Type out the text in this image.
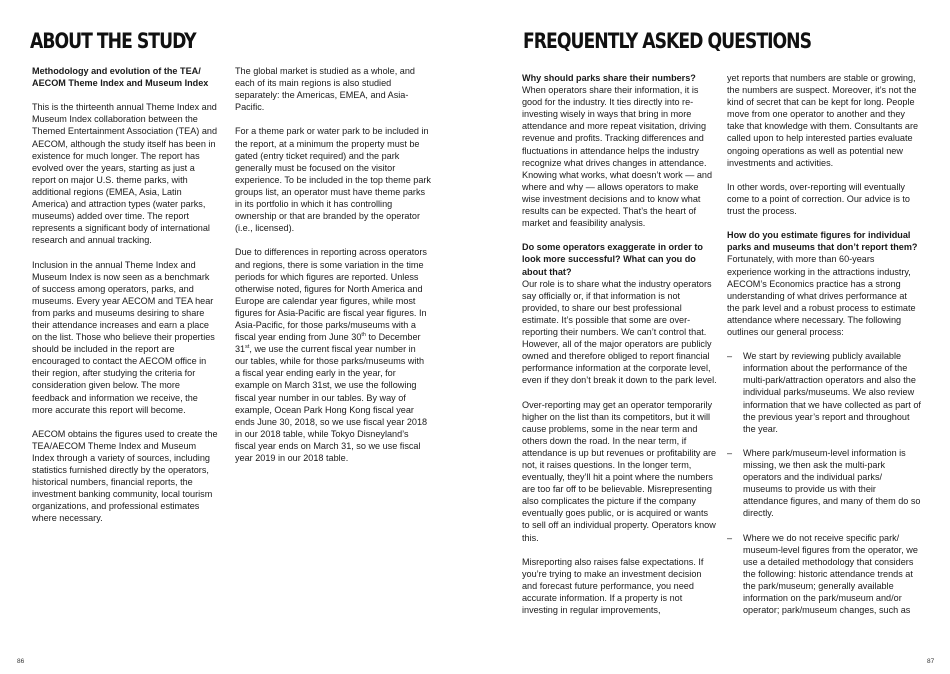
ABOUT THE STUDY

Methodology and evolution of the TEA/ AECOM Theme Index and Museum Index

This is the thirteenth annual Theme Index and Museum Index collaboration between the Themed Entertainment Association (TEA) and AECOM, although the study itself has been in existence for much longer. The report has evolved over the years, starting as just a report on major U.S. theme parks, with additional regions (EMEA, Asia, Latin America) and attraction types (water parks, museums) added over time. The report represents a significant body of international research and annual tracking.

Inclusion in the annual Theme Index and Museum Index is now seen as a benchmark of success among operators, parks, and museums. Every year AECOM and TEA hear from parks and museums desiring to share their attendance increases and earn a place on the list. Those who believe their properties should be included in the report are encouraged to contact the AECOM office in their region, after studying the criteria for consideration given below. The more feedback and information we receive, the more accurate this report will become.

AECOM obtains the figures used to create the TEA/AECOM Theme Index and Museum Index through a variety of sources, including statistics furnished directly by the operators, historical numbers, financial reports, the investment banking community, local tourism organizations, and professional estimates where necessary.

The global market is studied as a whole, and each of its main regions is also studied separately: the Americas, EMEA, and Asia-Pacific.

For a theme park or water park to be included in the report, at a minimum the property must be gated (entry ticket required) and the park generally must be focused on the visitor experience. To be included in the top theme park groups list, an operator must have theme parks in its portfolio in which it has controlling ownership or that are branded by the operator (i.e., licensed).

Due to differences in reporting across operators and regions, there is some variation in the time periods for which figures are reported. Unless otherwise noted, figures for North America and Europe are calendar year figures, while most figures for Asia-Pacific are fiscal year figures. In Asia-Pacific, for those parks/museums with a fiscal year ending from June 30th to December 31st, we use the current fiscal year number in our tables, while for those parks/museums with a fiscal year ending early in the year, for example on March 31st, we use the following fiscal year number in our tables. By way of example, Ocean Park Hong Kong fiscal year ends June 30, 2018, so we use fiscal year 2018 in our 2018 table, while Tokyo Disneyland’s fiscal year ends on March 31, so we use fiscal year 2019 in our 2018 table.

86
FREQUENTLY ASKED QUESTIONS

Why should parks share their numbers?
When operators share their information, it is good for the industry. It ties directly into re-investing wisely in ways that bring in more attendance and more repeat visitation, driving revenue and profits. Tracking differences and fluctuations in attendance helps the industry recognize what drives changes in attendance. Knowing what works, what doesn’t work — and where and why — allows operators to make wise investment decisions and to know what results can be expected. That’s the heart of market and feasibility analysis.

Do some operators exaggerate in order to look more successful? What can you do about that?
Our role is to share what the industry operators say officially or, if that information is not provided, to share our best professional estimate. It’s possible that some are over-reporting their numbers. We can’t control that. However, all of the major operators are publicly owned and therefore obliged to report financial performance information at the corporate level, even if they don’t break it down to the park level.

Over-reporting may get an operator temporarily higher on the list than its competitors, but it will cause problems, some in the near term and others down the road. In the near term, if attendance is up but revenues or profitability are not, it raises questions. In the longer term, eventually, they’ll hit a point where the numbers are too far off to be believable. Misrepresenting also complicates the picture if the company eventually goes public, or is acquired or wants to sell off an individual property. Operators know this.

Misreporting also raises false expectations. If you’re trying to make an investment decision and forecast future performance, you need accurate information. If a property is not investing in regular improvements,

yet reports that numbers are stable or growing, the numbers are suspect. Moreover, it’s not the kind of secret that can be kept for long. People move from one operator to another and they take that knowledge with them. Consultants are called upon to help interested parties evaluate ongoing operations as well as potential new investments and activities.

In other words, over-reporting will eventually come to a point of correction. Our advice is to trust the process.

How do you estimate figures for individual parks and museums that don’t report them?
Fortunately, with more than 60-years experience working in the attractions industry, AECOM’s Economics practice has a strong understanding of what drives performance at the park level and a robust process to estimate attendance where necessary. The following outlines our general process:

–	We start by reviewing publicly available information about the performance of the multi-park/attraction operators and also the individual parks/museums. We also review information that we have collected as part of the previous year’s report and throughout the year.
–	Where park/museum-level information is missing, we then ask the multi-park operators and the individual parks/ museums to provide us with their attendance figures, and many of them do so directly.
–	Where we do not receive specific park/ museum-level figures from the operator, we use a detailed methodology that considers the following: historic attendance trends at the park/museum; generally available information on the park/museum and/or operator; park/museum changes, such as
87
